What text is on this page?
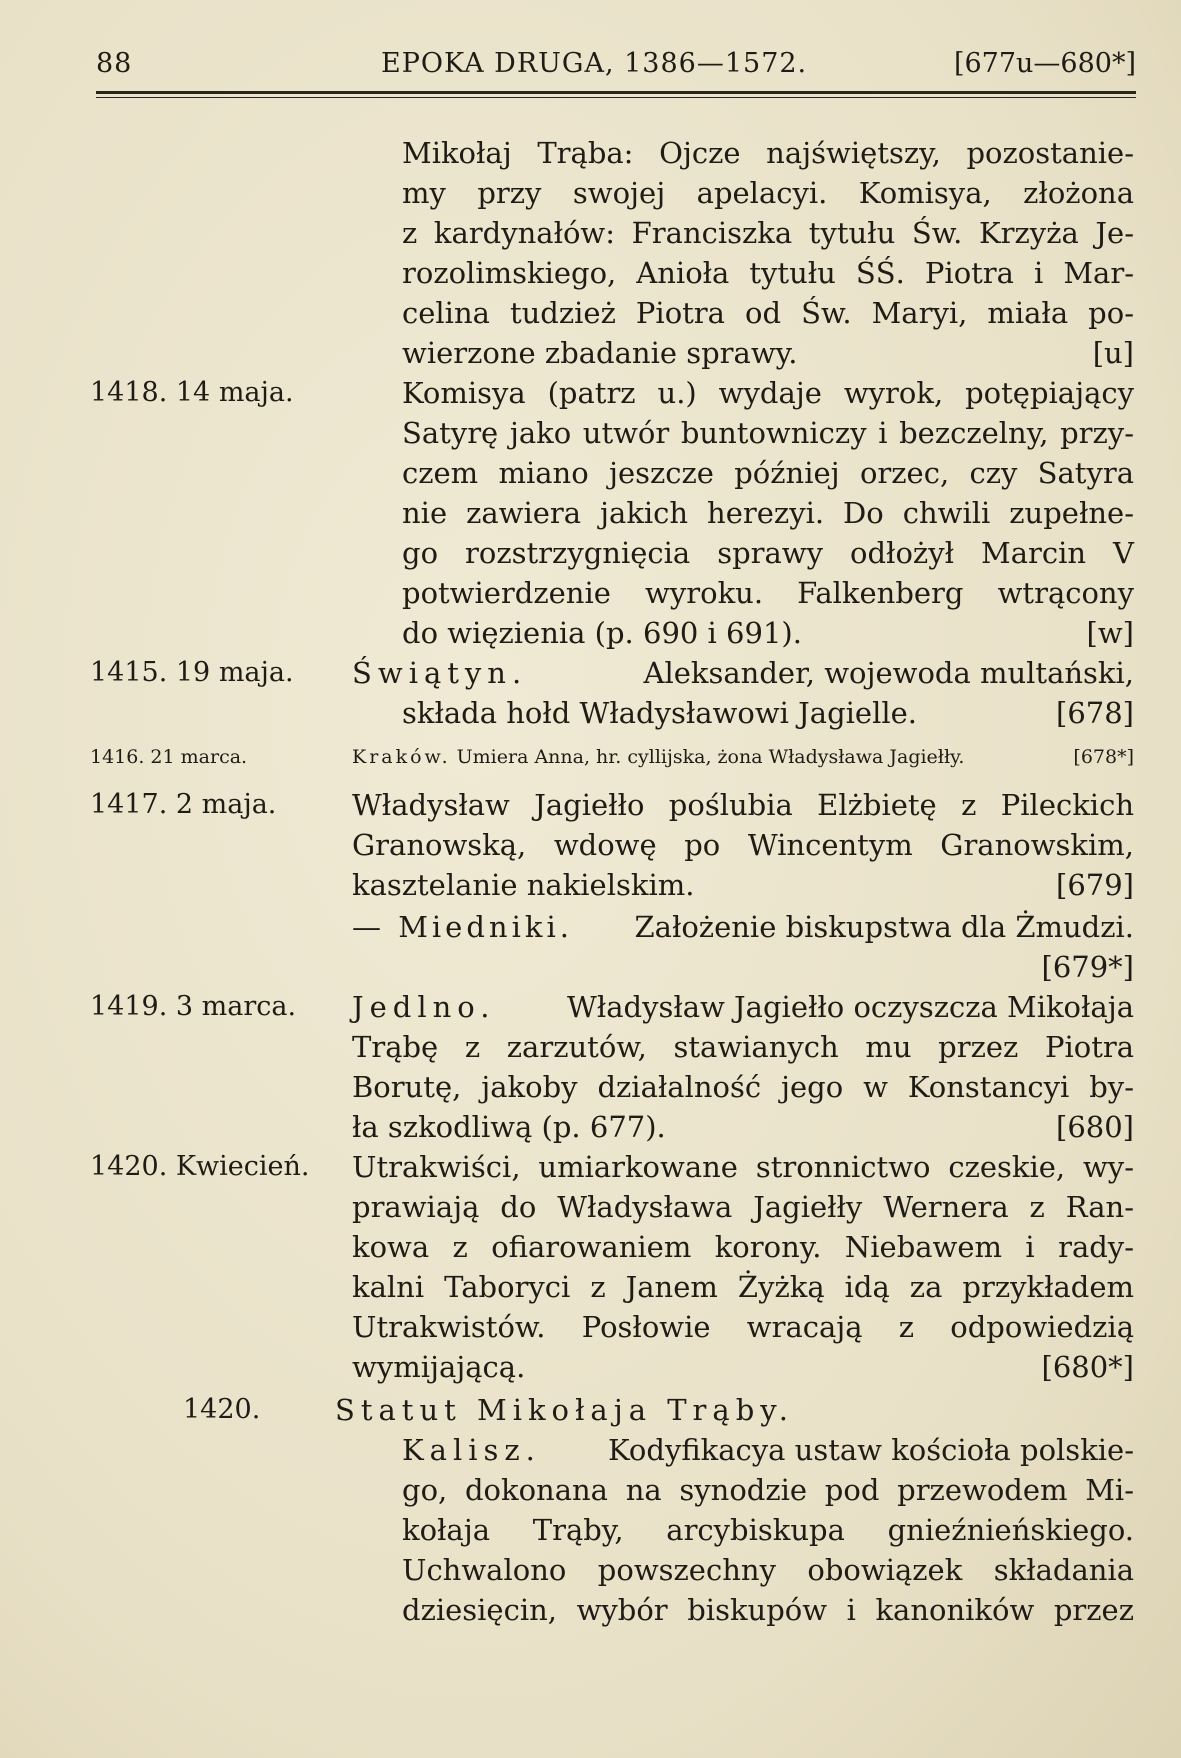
88	EPOKA DRUGA, 1386—1572.	[677u—680*]
Mikołaj Trąba: Ojcze najświętszy, pozostanie-
my przy swojej apelacyi. Komisya, złożona
z kardynałów: Franciszka tytułu Św. Krzyża Je-
rozolimskiego, Anioła tytułu ŚŚ. Piotra i Mar-
celina tudzież Piotra od Św. Maryi, miała po-
wierzone zbadanie sprawy.	[u]
1418. 14 maja.	Komisya (patrz u.) wydaje wyrok, potępiający
Satyrę jako utwór buntowniczy i bezczelny, przy-
czem miano jeszcze później orzec, czy Satyra
nie zawiera jakich herezyi. Do chwili zupełne-
go rozstrzygnięcia sprawy odłożył Marcin V
potwierdzenie wyroku. Falkenberg wtrącony
do więzienia (p. 690 i 691).	[w]
1415. 19 maja. Świątyn.	Aleksander, wojewoda multański,
składa hołd Władysławowi Jagielle.	[678]
1416. 21 marca.	Kraków. Umiera Anna, hr. cyllijska, żona Władysława Jagiełły.	[678*]
1417. 2 maja.	Władysław Jagiełło poślubia Elżbietę z Pileckich
Granowską, wdowę po Wincentym Granowskim,
kasztelanie nakielskim.	[679]
— Miedniki. Założenie biskupstwa dla Żmudzi.
[679*]
1419. 3 marca. Jedlno. Władysław Jagiełło oczyszcza Mikołaja
Trąbę z zarzutów, stawianych mu przez Piotra
Borutę, jakoby działalność jego w Konstancyi by-
ła szkodliwą (p. 677).	[680]
1420. Kwiecień. Utrakwiści, umiarkowane stronnictwo czeskie, wy-
prawiają do Władysława Jagiełły Wernera z Ran-
kowa z ofiarowaniem korony. Niebawem i rady-
kalni Taboryci z Janem Żyżką idą za przykładem
Utrakwistów. Posłowie wracają z odpowiedzią
wymijającą.	[680*]
1420.	Statut Mikołaja Trąby.
Kalisz. Kodyfikacya ustaw kościoła polskie-
go, dokonana na synodzie pod przewodem Mi-
kołaja Trąby, arcybiskupa gnieźnieńskiego.
Uchwalono powszechny obowiązek składania
dziesięcin, wybór biskupów i kanoników przez
